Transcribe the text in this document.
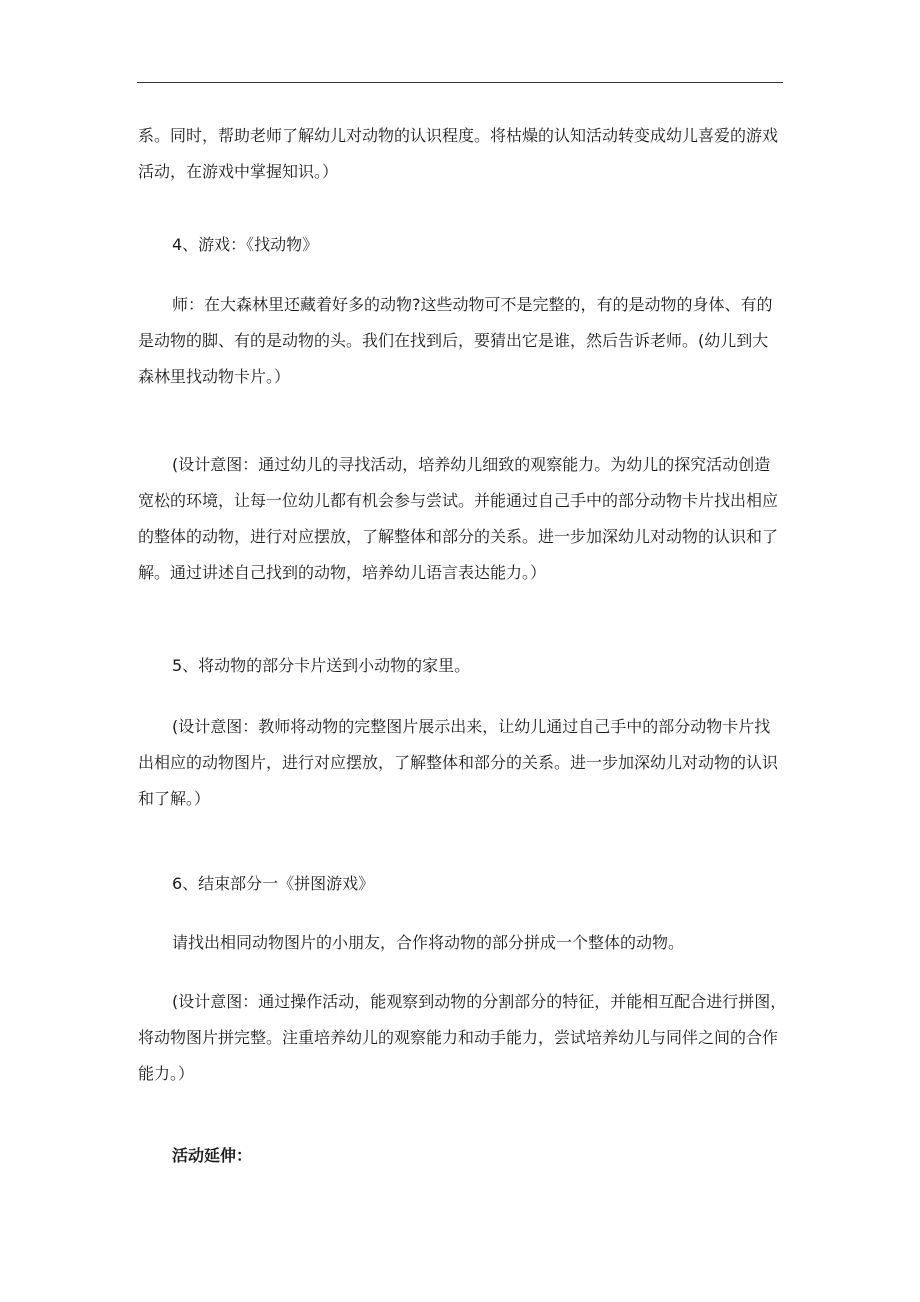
系。同时，帮助老师了解幼儿对动物的认识程度。将枯燥的认知活动转变成幼儿喜爱的游戏
活动，在游戏中掌握知识。）
4、游戏：《找动物》
师：在大森林里还藏着好多的动物?这些动物可不是完整的，有的是动物的身体、有的
是动物的脚、有的是动物的头。我们在找到后，要猜出它是谁，然后告诉老师。(幼儿到大
森林里找动物卡片。）
(设计意图：通过幼儿的寻找活动，培养幼儿细致的观察能力。为幼儿的探究活动创造
宽松的环境，让每一位幼儿都有机会参与尝试。并能通过自己手中的部分动物卡片找出相应
的整体的动物，进行对应摆放，了解整体和部分的关系。进一步加深幼儿对动物的认识和了
解。通过讲述自己找到的动物，培养幼儿语言表达能力。）
5、将动物的部分卡片送到小动物的家里。
(设计意图：教师将动物的完整图片展示出来，让幼儿通过自己手中的部分动物卡片找
出相应的动物图片，进行对应摆放，了解整体和部分的关系。进一步加深幼儿对动物的认识
和了解。）
6、结束部分一《拼图游戏》
请找出相同动物图片的小朋友，合作将动物的部分拼成一个整体的动物。
(设计意图：通过操作活动，能观察到动物的分割部分的特征，并能相互配合进行拼图，
将动物图片拼完整。注重培养幼儿的观察能力和动手能力，尝试培养幼儿与同伴之间的合作
能力。）
活动延伸：
